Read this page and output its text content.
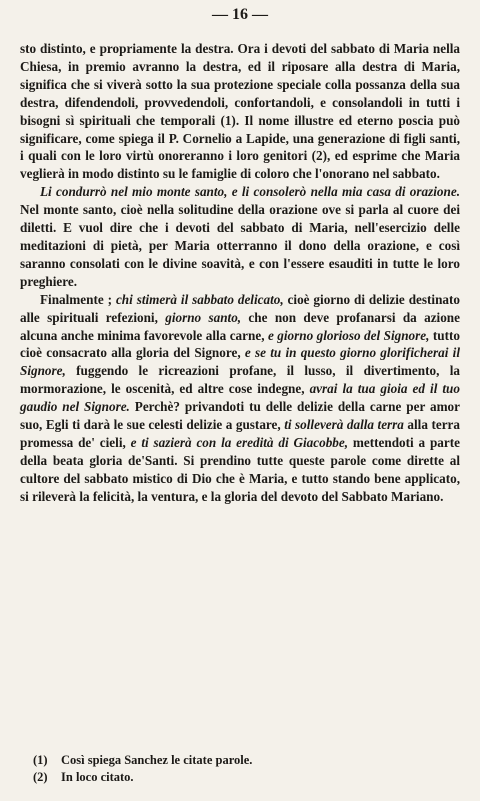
— 16 —

sto distinto, e propriamente la destra. Ora i devoti del sabbato di Maria nella Chiesa, in premio avranno la destra, ed il riposare alla destra di Maria, significa che si viverà sotto la sua protezione speciale colla possanza della sua destra, difendendoli, provvedendoli, confortandoli, e consolandoli in tutti i bisogni sì spirituali che temporali (1). Il nome illustre ed eterno poscia può significare, come spiega il P. Cornelio a Lapide, una generazione di figli santi, i quali con le loro virtù onoreranno i loro genitori (2), ed esprime che Maria veglierà in modo distinto su le famiglie di coloro che l'onorano nel sabbato.

Li condurrò nel mio monte santo, e li consolerò nella mia casa di orazione. Nel monte santo, cioè nella solitudine della orazione ove si parla al cuore dei diletti. E vuol dire che i devoti del sabbato di Maria, nell'esercizio delle meditazioni di pietà, per Maria otterranno il dono della orazione, e così saranno consolati con le divine soavità, e con l'essere esauditi in tutte le loro preghiere.

Finalmente ; chi stimerà il sabbato delicato, cioè giorno di delizie destinato alle spirituali refezioni, giorno santo, che non deve profanarsi da azione alcuna anche minima favorevole alla carne, e giorno glorioso del Signore, tutto cioè consacrato alla gloria del Signore, e se tu in questo giorno glorificherai il Signore, fuggendo le ricreazioni profane, il lusso, il divertimento, la mormorazione, le oscenità, ed altre cose indegne, avrai la tua gioia ed il tuo gaudio nel Signore. Perchè? privandoti tu delle delizie della carne per amor suo, Egli ti darà le sue celesti delizie a gustare, ti solleverà dalla terra alla terra promessa de' cieli, e ti sazierà con la eredità di Giacobbe, mettendoti a parte della beata gloria de'Santi. Si prendino tutte queste parole come dirette al cultore del sabbato mistico di Dio che è Maria, e tutto stando bene applicato, si rileverà la felicità, la ventura, e la gloria del devoto del Sabbato Mariano.

(1) Così spiega Sanchez le citate parole.
(2) In loco citato.
